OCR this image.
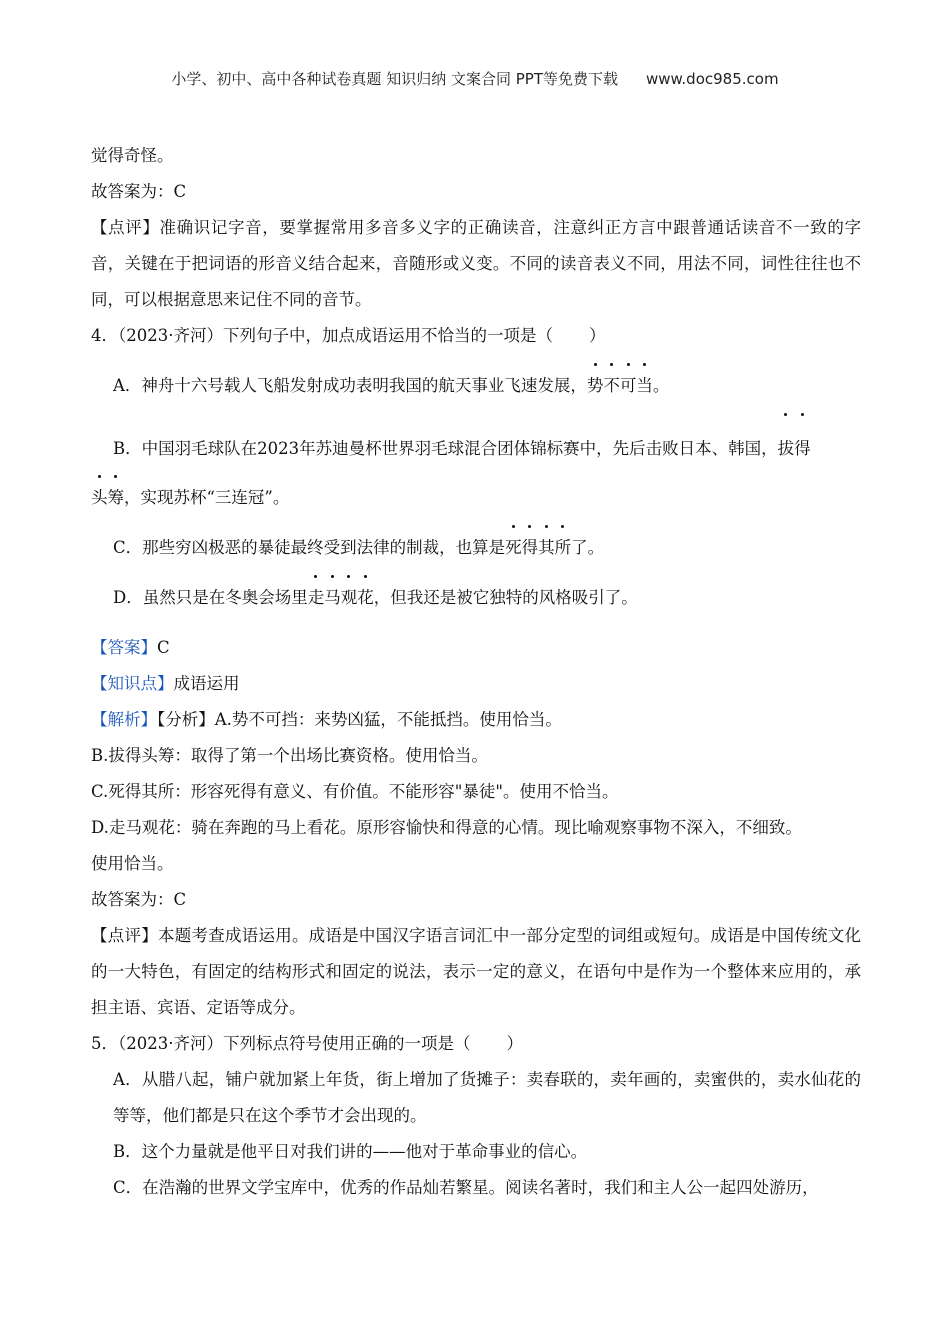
小学、初中、高中各种试卷真题 知识归纳 文案合同 PPT等免费下载 www.doc985.com
觉得奇怪。
故答案为：C
【点评】准确识记字音，要掌握常用多音多义字的正确读音，注意纠正方言中跟普通话读音不一致的字音，关键在于把词语的形音义结合起来，音随形或义变。不同的读音表义不同，用法不同，词性往往也不同，可以根据意思来记住不同的音节。
4．（2023·齐河）下列句子中，加点成语运用不恰当的一项是（ ）
A．神舟十六号载人飞船发射成功表明我国的航天事业飞速发展，势不可当。
B．中国羽毛球队在2023年苏迪曼杯世界羽毛球混合团体锦标赛中，先后击败日本、韩国，拔得
头筹，实现苏杯“三连冠”。
C．那些穷凶极恶的暴徒最终受到法律的制裁，也算是死得其所了。
D．虽然只是在冬奥会场里走马观花，但我还是被它独特的风格吸引了。
【答案】C
【知识点】成语运用
【解析】【分析】A.势不可挡：来势凶猛，不能抵挡。使用恰当。
B.拔得头筹：取得了第一个出场比赛资格。使用恰当。
C.死得其所：形容死得有意义、有价值。不能形容"暴徒"。使用不恰当。
D.走马观花：骑在奔跑的马上看花。原形容愉快和得意的心情。现比喻观察事物不深入，不细致。
使用恰当。
故答案为：C
【点评】本题考查成语运用。成语是中国汉字语言词汇中一部分定型的词组或短句。成语是中国传统文化的一大特色，有固定的结构形式和固定的说法，表示一定的意义，在语句中是作为一个整体来应用的，承担主语、宾语、定语等成分。
5．（2023·齐河）下列标点符号使用正确的一项是（ ）
A．从腊八起，铺户就加紧上年货，街上增加了货摊子：卖春联的，卖年画的，卖蜜供的，卖水仙花的等等，他们都是只在这个季节才会出现的。
B．这个力量就是他平日对我们讲的——他对于革命事业的信心。
C．在浩瀚的世界文学宝库中，优秀的作品灿若繁星。阅读名著时，我们和主人公一起四处游历，
